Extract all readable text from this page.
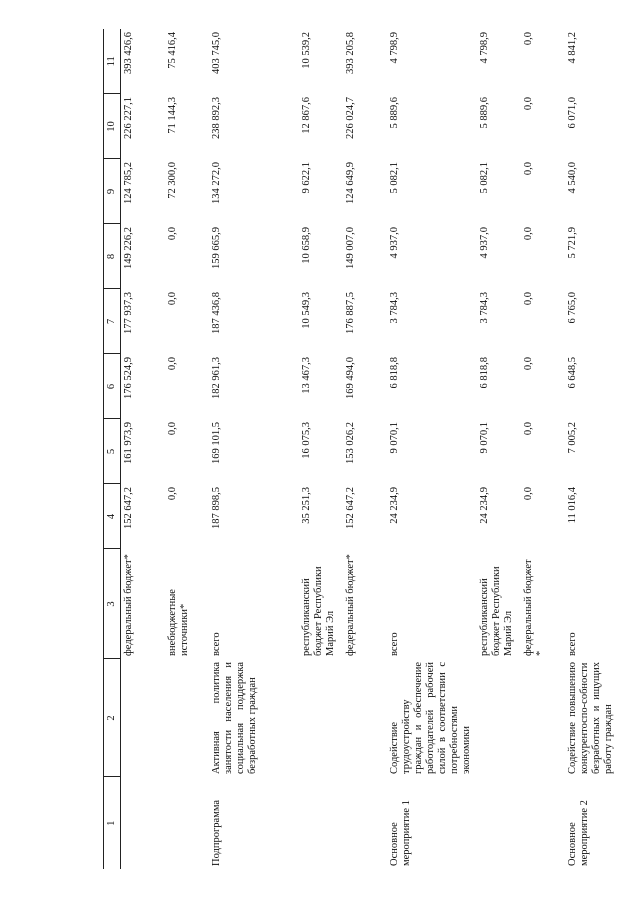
1	2	3	4	5	6	7	8	9	10	11
		федеральный бюджет*	152 647,2	161 973,9	176 524,9	177 937,3	149 226,2	124 785,2	226 227,1	393 426,6
		внебюджетные источники*	0,0	0,0	0,0	0,0	0,0	72 300,0	71 144,3	75 416,4
Подпрограмма	Активная политика занятости населения и социальная поддержка безработных граждан	всего	187 898,5	169 101,5	182 961,3	187 436,8	159 665,9	134 272,0	238 892,3	403 745,0
		республиканский бюджет Республики Марий Эл	35 251,3	16 075,3	13 467,3	10 549,3	10 658,9	9 622,1	12 867,6	10 539,2
		федеральный бюджет*	152 647,2	153 026,2	169 494,0	176 887,5	149 007,0	124 649,9	226 024,7	393 205,8
Основное мероприятие 1	Содействие трудоустройству граждан и обеспечение работодателей рабочей силой в соответствии с потребностями экономики	всего	24 234,9	9 070,1	6 818,8	3 784,3	4 937,0	5 082,1	5 889,6	4 798,9
		республиканский бюджет Республики Марий Эл	24 234,9	9 070,1	6 818,8	3 784,3	4 937,0	5 082,1	5 889,6	4 798,9
		федеральный бюджет *	0,0	0,0	0,0	0,0	0,0	0,0	0,0	0,0
Основное мероприятие 2	Содействие повышению конкурентоспо-собности безработных и ищущих работу граждан	всего	11 016,4	7 005,2	6 648,5	6 765,0	5 721,9	4 540,0	6 071,0	4 841,2
